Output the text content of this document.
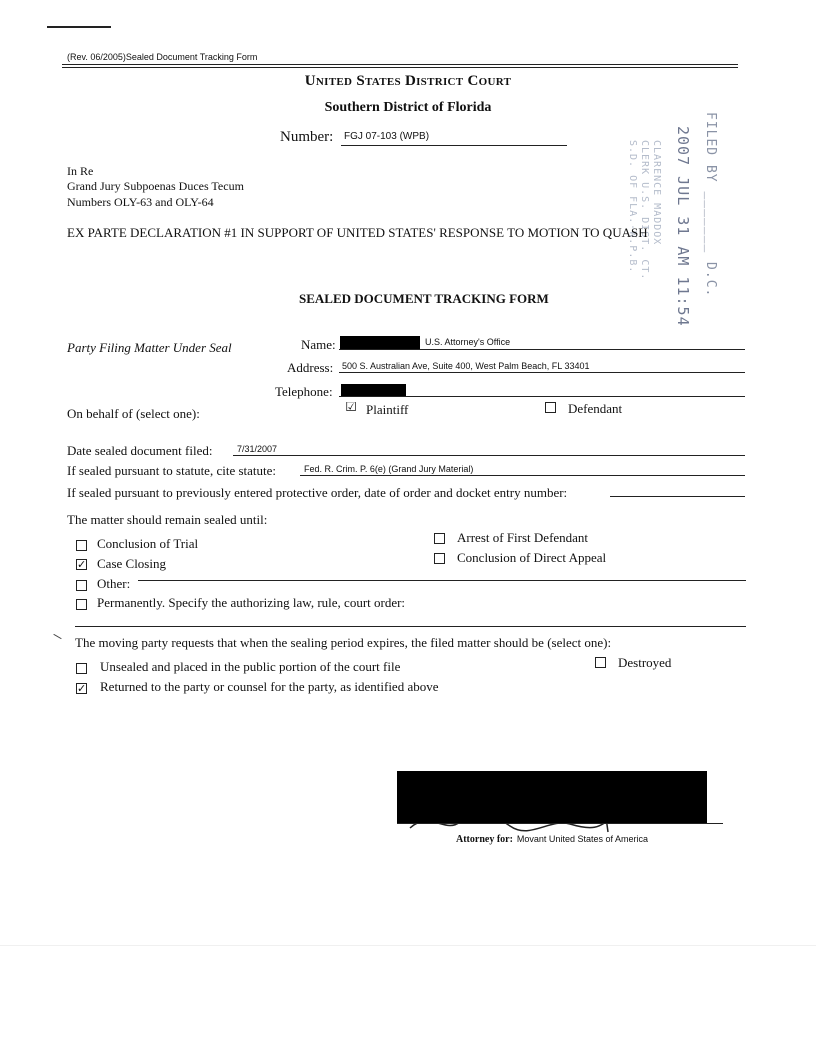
(Rev. 06/2005)Sealed Document Tracking Form
United States District Court
Southern District of Florida
Number: FGJ 07-103 (WPB)	FILED BY _______ D.C.
2007 JUL 31 AM 11:54
CLARENCE MADDOX
CLERK U.S. DIST. CT.
S.D. OF FLA.-W.P.B.
In Re
Grand Jury Subpoenas Duces Tecum
Numbers OLY-63 and OLY-64
EX PARTE DECLARATION #1 IN SUPPORT OF UNITED STATES' RESPONSE TO MOTION TO QUASH
SEALED DOCUMENT TRACKING FORM
Party Filing Matter Under Seal	Name:	U.S. Attorney's Office
Address: 500 S. Australian Ave, Suite 400, West Palm Beach, FL 33401
Telephone:
On behalf of (select one):	☑ Plaintiff	Defendant
Date sealed document filed:	7/31/2007
If sealed pursuant to statute, cite statute:	Fed. R. Crim. P. 6(e) (Grand Jury Material)
If sealed pursuant to previously entered protective order, date of order and docket entry number:
The matter should remain sealed until:
Conclusion of Trial
✓ Case Closing
Other:
Permanently. Specify the authorizing law, rule, court order:
Arrest of First Defendant
Conclusion of Direct Appeal
The moving party requests that when the sealing period expires, the filed matter should be (select one):
Unsealed and placed in the public portion of the court file	Destroyed
✓ Returned to the party or counsel for the party, as identified above
Attorney for: Movant United States of America
